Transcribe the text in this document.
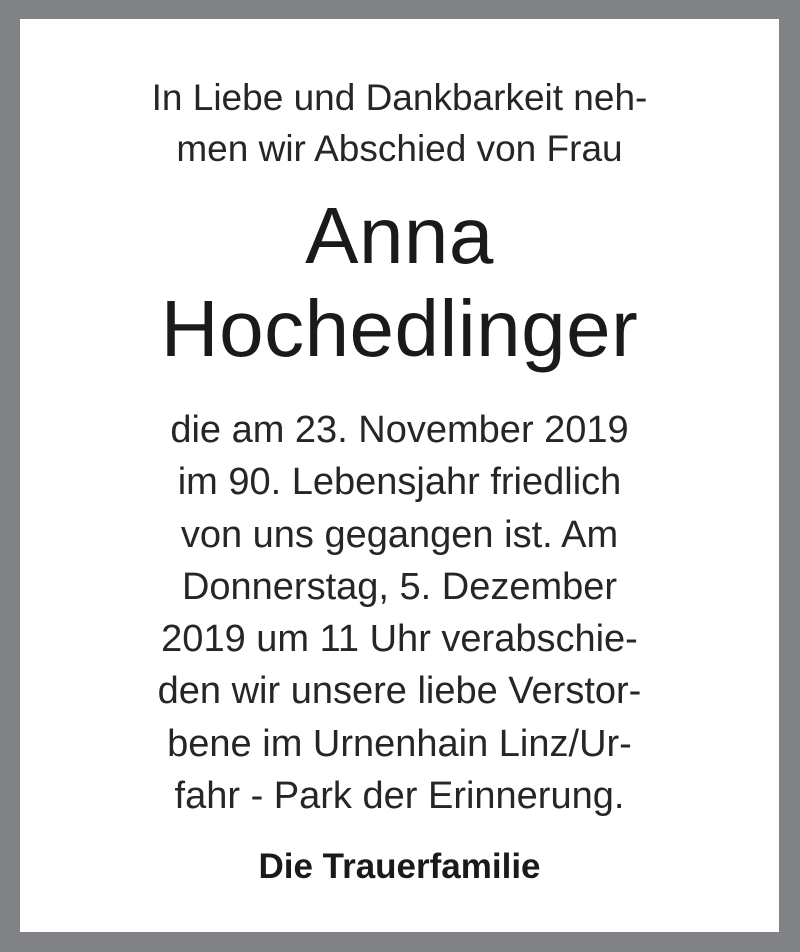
In Liebe und Dankbarkeit neh-
men wir Abschied von Frau
Anna
Hochedlinger
die am 23. November 2019
im 90. Lebensjahr friedlich
von uns gegangen ist. Am
Donnerstag, 5. Dezember
2019 um 11 Uhr verabschie-
den wir unsere liebe Verstor-
bene im Urnenhain Linz/Ur-
fahr - Park der Erinnerung.
Die Trauerfamilie
